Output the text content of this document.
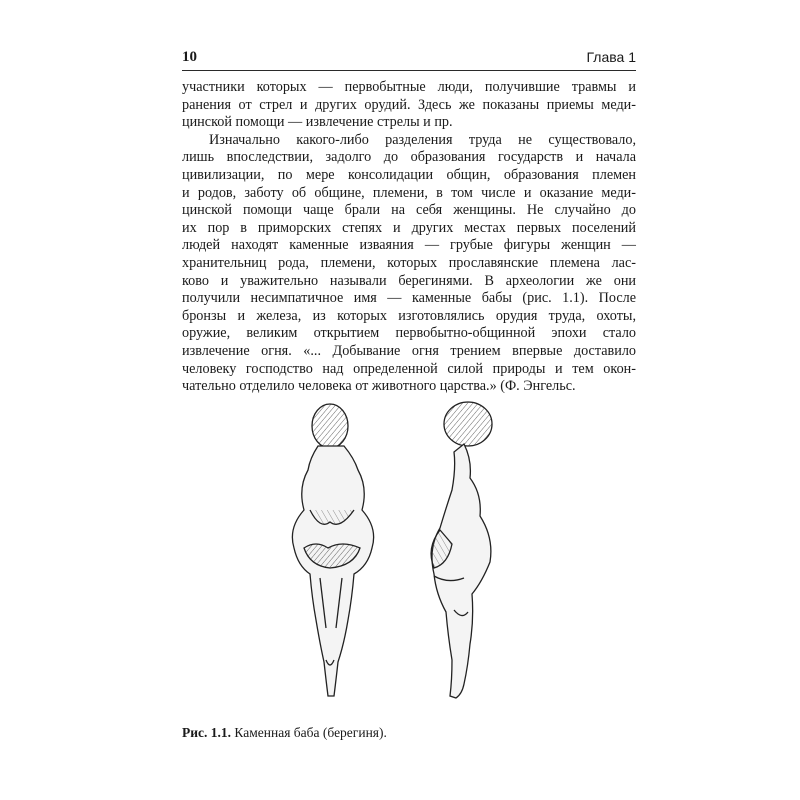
10	Глава 1
участники которых — первобытные люди, получившие травмы и
ранения от стрел и других орудий. Здесь же показаны приемы меди-
цинской помощи — извлечение стрелы и пр.
Изначально какого-либо разделения труда не существовало,
лишь впоследствии, задолго до образования государств и начала
цивилизации, по мере консолидации общин, образования племен
и родов, заботу об общине, племени, в том числе и оказание меди-
цинской помощи чаще брали на себя женщины. Не случайно до
их пор в приморских степях и других местах первых поселений
людей находят каменные изваяния — грубые фигуры женщин —
хранительниц рода, племени, которых прославянские племена лас-
ково и уважительно называли берегинями. В археологии же они
получили несимпатичное имя — каменные бабы (рис. 1.1). После
бронзы и железа, из которых изготовлялись орудия труда, охоты,
оружие, великим открытием первобытно-общинной эпохи стало
извлечение огня. «... Добывание огня трением впервые доставило
человеку господство над определенной силой природы и тем окон-
чательно отделило человека от животного царства.» (Ф. Энгельс.
Рис. 1.1. Каменная баба (берегиня).
